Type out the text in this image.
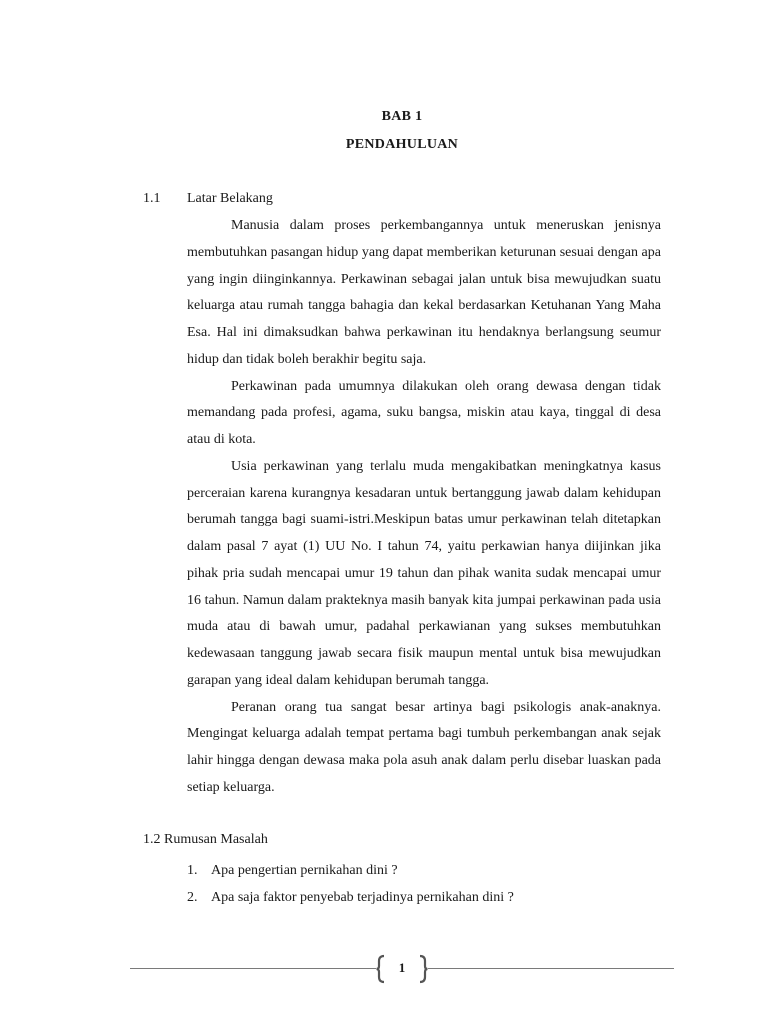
BAB 1
PENDAHULUAN
1.1 Latar Belakang

Manusia dalam proses perkembangannya untuk meneruskan jenisnya membutuhkan pasangan hidup yang dapat memberikan keturunan sesuai dengan apa yang ingin diinginkannya. Perkawinan sebagai jalan untuk bisa mewujudkan suatu keluarga atau rumah tangga bahagia dan kekal berdasarkan Ketuhanan Yang Maha Esa. Hal ini dimaksudkan bahwa perkawinan itu hendaknya berlangsung seumur hidup dan tidak boleh berakhir begitu saja.

Perkawinan pada umumnya dilakukan oleh orang dewasa dengan tidak memandang pada profesi, agama, suku bangsa, miskin atau kaya, tinggal di desa atau di kota.

Usia perkawinan yang terlalu muda mengakibatkan meningkatnya kasus perceraian karena kurangnya kesadaran untuk bertanggung jawab dalam kehidupan berumah tangga bagi suami-istri.Meskipun batas umur perkawinan telah ditetapkan dalam pasal 7 ayat (1) UU No. I tahun 74, yaitu perkawian hanya diijinkan jika pihak pria sudah mencapai umur 19 tahun dan pihak wanita sudak mencapai umur 16 tahun. Namun dalam prakteknya masih banyak kita jumpai perkawinan pada usia muda atau di bawah umur, padahal perkawianan yang sukses membutuhkan kedewasaan tanggung jawab secara fisik maupun mental untuk bisa mewujudkan garapan yang ideal dalam kehidupan berumah tangga.

Peranan orang tua sangat besar artinya bagi psikologis anak-anaknya. Mengingat keluarga adalah tempat pertama bagi tumbuh perkembangan anak sejak lahir hingga dengan dewasa maka pola asuh anak dalam perlu disebar luaskan pada setiap keluarga.

1.2 Rumusan Masalah
1. Apa pengertian pernikahan dini ?
2. Apa saja faktor penyebab terjadinya pernikahan dini ?
1
